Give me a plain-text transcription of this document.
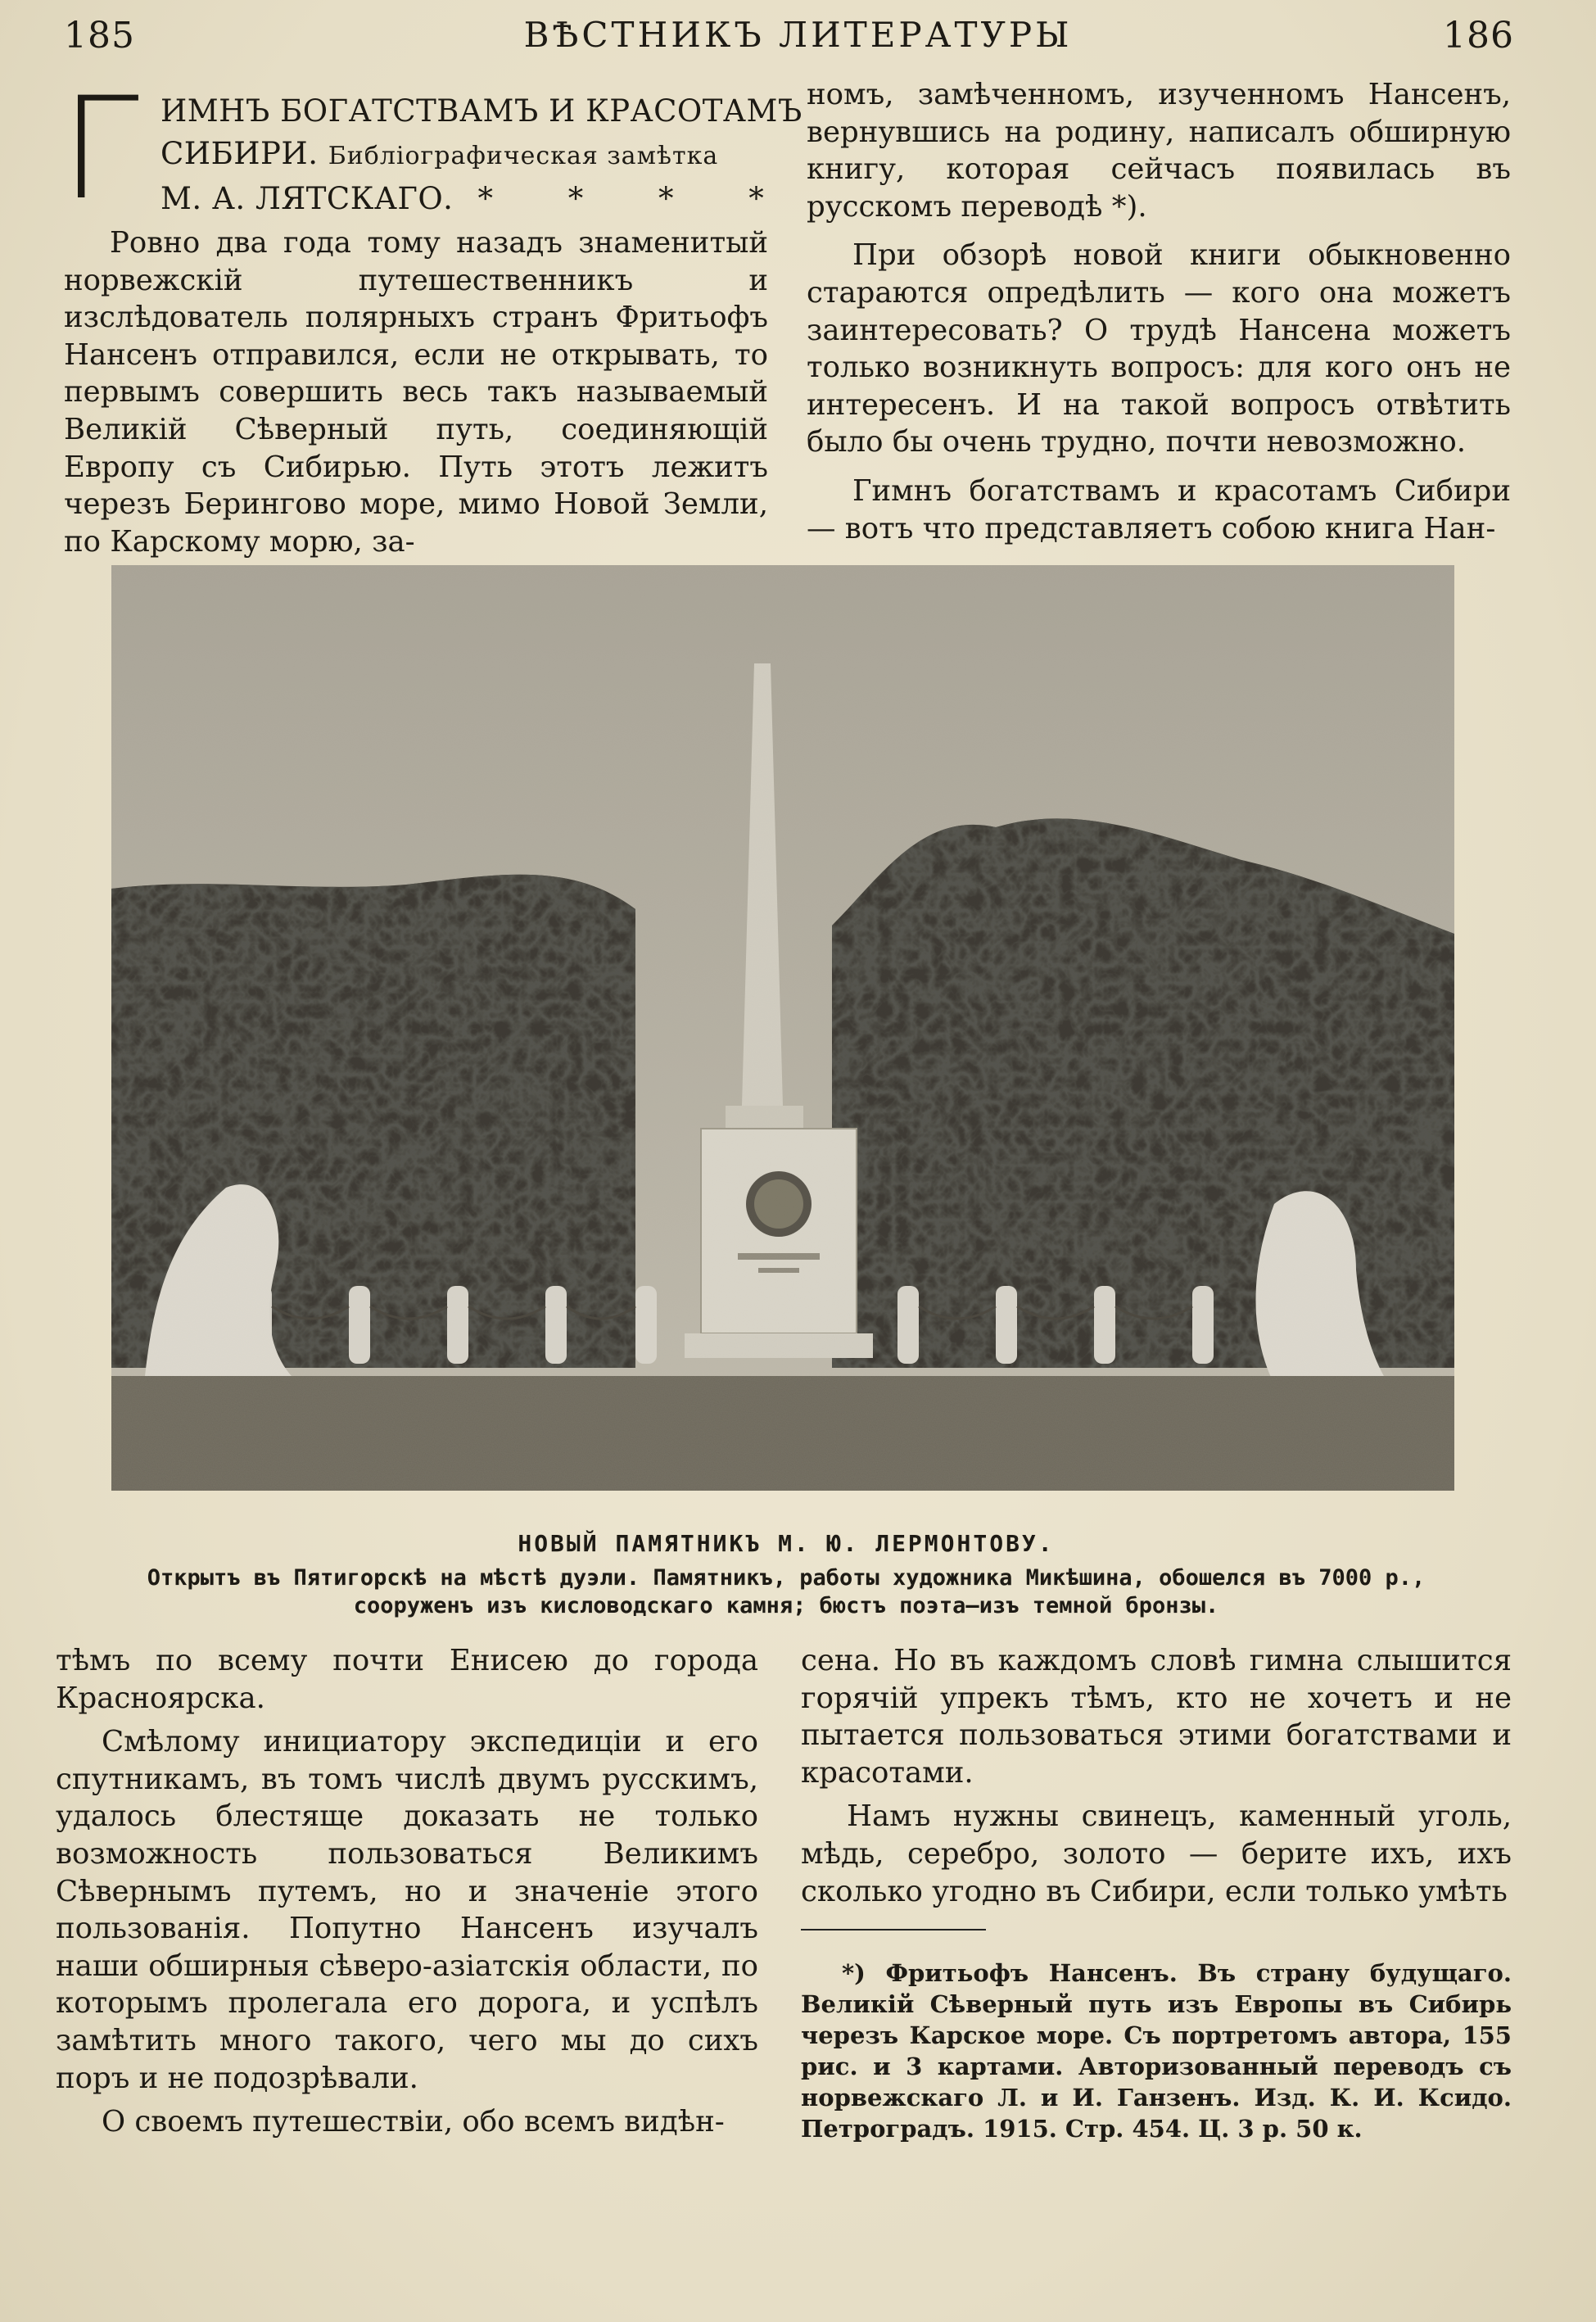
185	ВѢСТНИКЪ ЛИТЕРАТУРЫ	186
Г ИМНЪ БОГАТСТВАМЪ И КРАСОТАМЪ
СИБИРИ. Библіографическая замѣтка
М. А. ЛЯТСКАГО. * * * *

Ровно два года тому назадъ знаменитый норвежскій путешественникъ и изслѣдователь полярныхъ странъ Фритьофъ Нансенъ отправился, если не открывать, то первымъ совершить весь такъ называемый Великій Сѣверный путь, соединяющій Европу съ Сибирью. Путь этотъ лежитъ черезъ Берингово море, мимо Новой Земли, по Карскому морю, за-

номъ, замѣченномъ, изученномъ Нансенъ, вернувшись на родину, написалъ обширную книгу, которая сейчасъ появилась въ русскомъ переводѣ *).

При обзорѣ новой книги обыкновенно стараются опредѣлить — кого она можетъ заинтересовать? О трудѣ Нансена можетъ только возникнуть вопросъ: для кого онъ не интересенъ. И на такой вопросъ отвѣтить было бы очень трудно, почти невозможно.

Гимнъ богатствамъ и красотамъ Сибири — вотъ что представляетъ собою книга Нан-

НОВЫЙ ПАМЯТНИКЪ М. Ю. ЛЕРМОНТОВУ.
Открытъ въ Пятигорскѣ на мѣстѣ дуэли. Памятникъ, работы художника Микѣшина, обошелся въ 7000 р.,
сооруженъ изъ кисловодскаго камня; бюстъ поэта—изъ темной бронзы.

тѣмъ по всему почти Енисею до города Красноярска.

Смѣлому инициатору экспедиціи и его спутникамъ, въ томъ числѣ двумъ русскимъ, удалось блестяще доказать не только возможность пользоваться Великимъ Сѣвернымъ путемъ, но и значеніе этого пользованія. Попутно Нансенъ изучалъ наши обширныя сѣверо-азіатскія области, по которымъ пролегала его дорога, и успѣлъ замѣтить много такого, чего мы до сихъ поръ и не подозрѣвали.

О своемъ путешествіи, обо всемъ видѣн-

сена. Но въ каждомъ словѣ гимна слышится горячій упрекъ тѣмъ, кто не хочетъ и не пытается пользоваться этими богатствами и красотами.

Намъ нужны свинецъ, каменный уголь, мѣдь, серебро, золото — берите ихъ, ихъ сколько угодно въ Сибири, если только умѣть

*) Фритьофъ Нансенъ. Въ страну будущаго. Великій Сѣверный путь изъ Европы въ Сибирь черезъ Карское море. Съ портретомъ автора, 155 рис. и 3 картами. Авторизованный переводъ съ норвежскаго Л. и И. Ганзенъ. Изд. К. И. Ксидо. Петроградъ. 1915. Стр. 454. Ц. 3 р. 50 к.
